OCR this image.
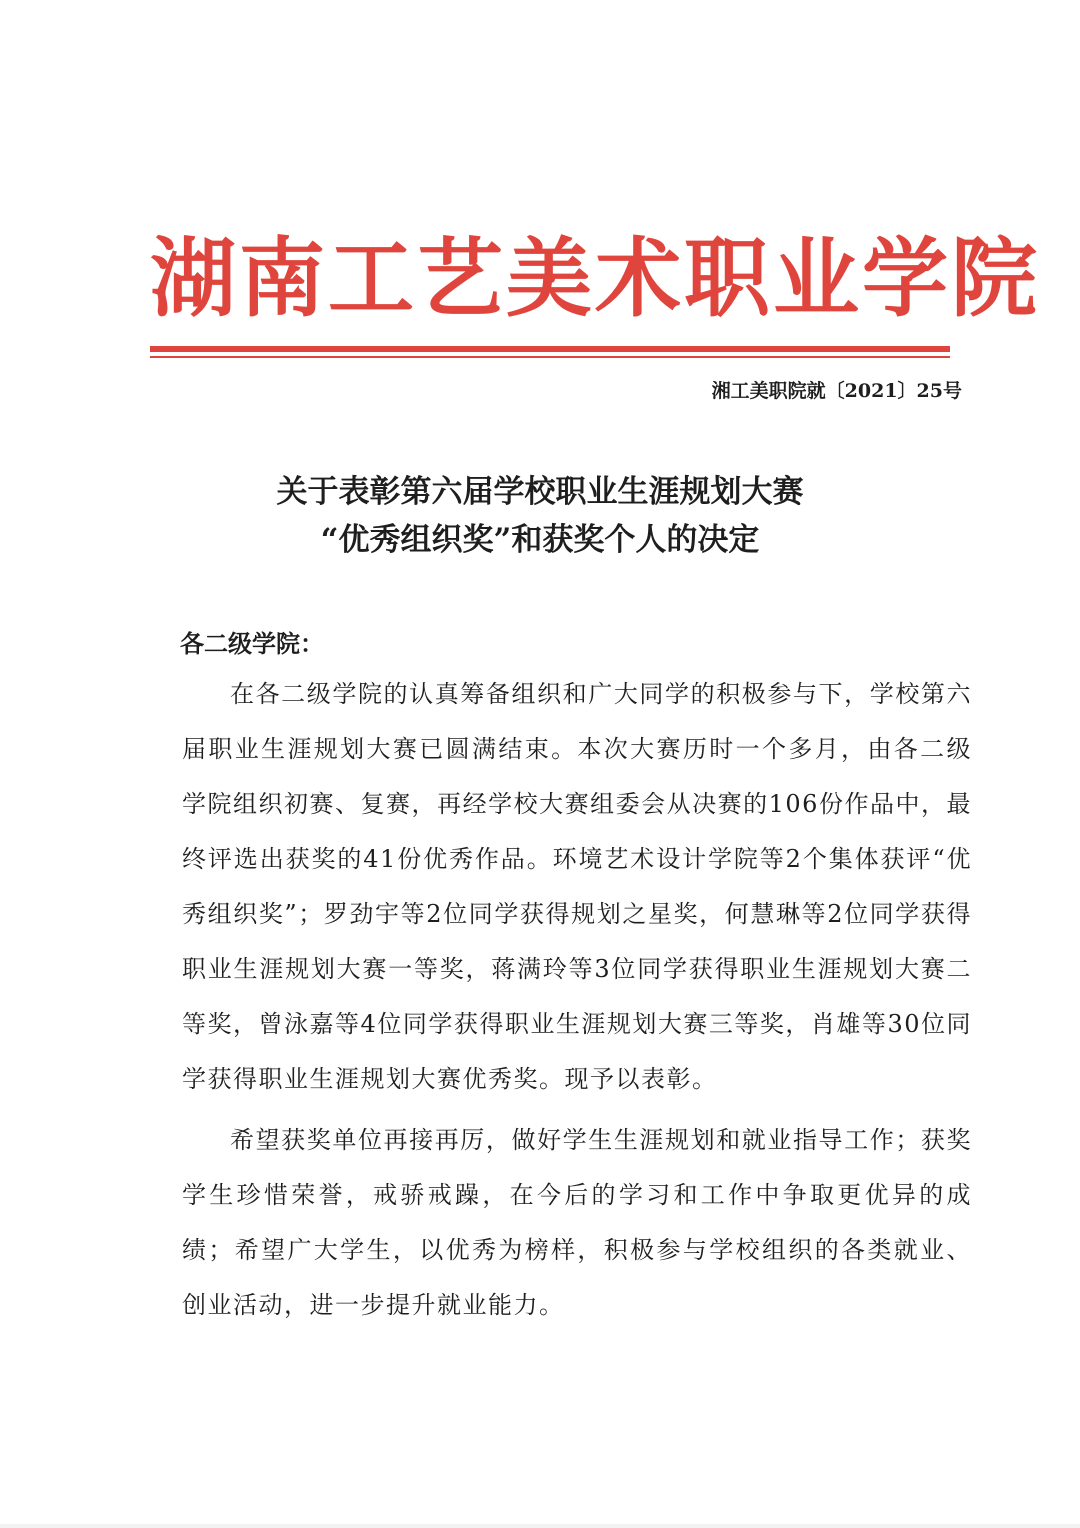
湖南工艺美术职业学院
湘工美职院就〔2021〕25号
关于表彰第六届学校职业生涯规划大赛
“优秀组织奖”和获奖个人的决定
各二级学院：

在各二级学院的认真筹备组织和广大同学的积极参与下，学校第六届职业生涯规划大赛已圆满结束。本次大赛历时一个多月，由各二级学院组织初赛、复赛，再经学校大赛组委会从决赛的106份作品中，最终评选出获奖的41份优秀作品。环境艺术设计学院等2个集体获评“优秀组织奖”；罗劲宇等2位同学获得规划之星奖，何慧琳等2位同学获得职业生涯规划大赛一等奖，蒋满玲等3位同学获得职业生涯规划大赛二等奖，曾泳嘉等4位同学获得职业生涯规划大赛三等奖，肖雄等30位同学获得职业生涯规划大赛优秀奖。现予以表彰。

希望获奖单位再接再厉，做好学生生涯规划和就业指导工作；获奖学生珍惜荣誉，戒骄戒躁，在今后的学习和工作中争取更优异的成绩；希望广大学生，以优秀为榜样，积极参与学校组织的各类就业、创业活动，进一步提升就业能力。
